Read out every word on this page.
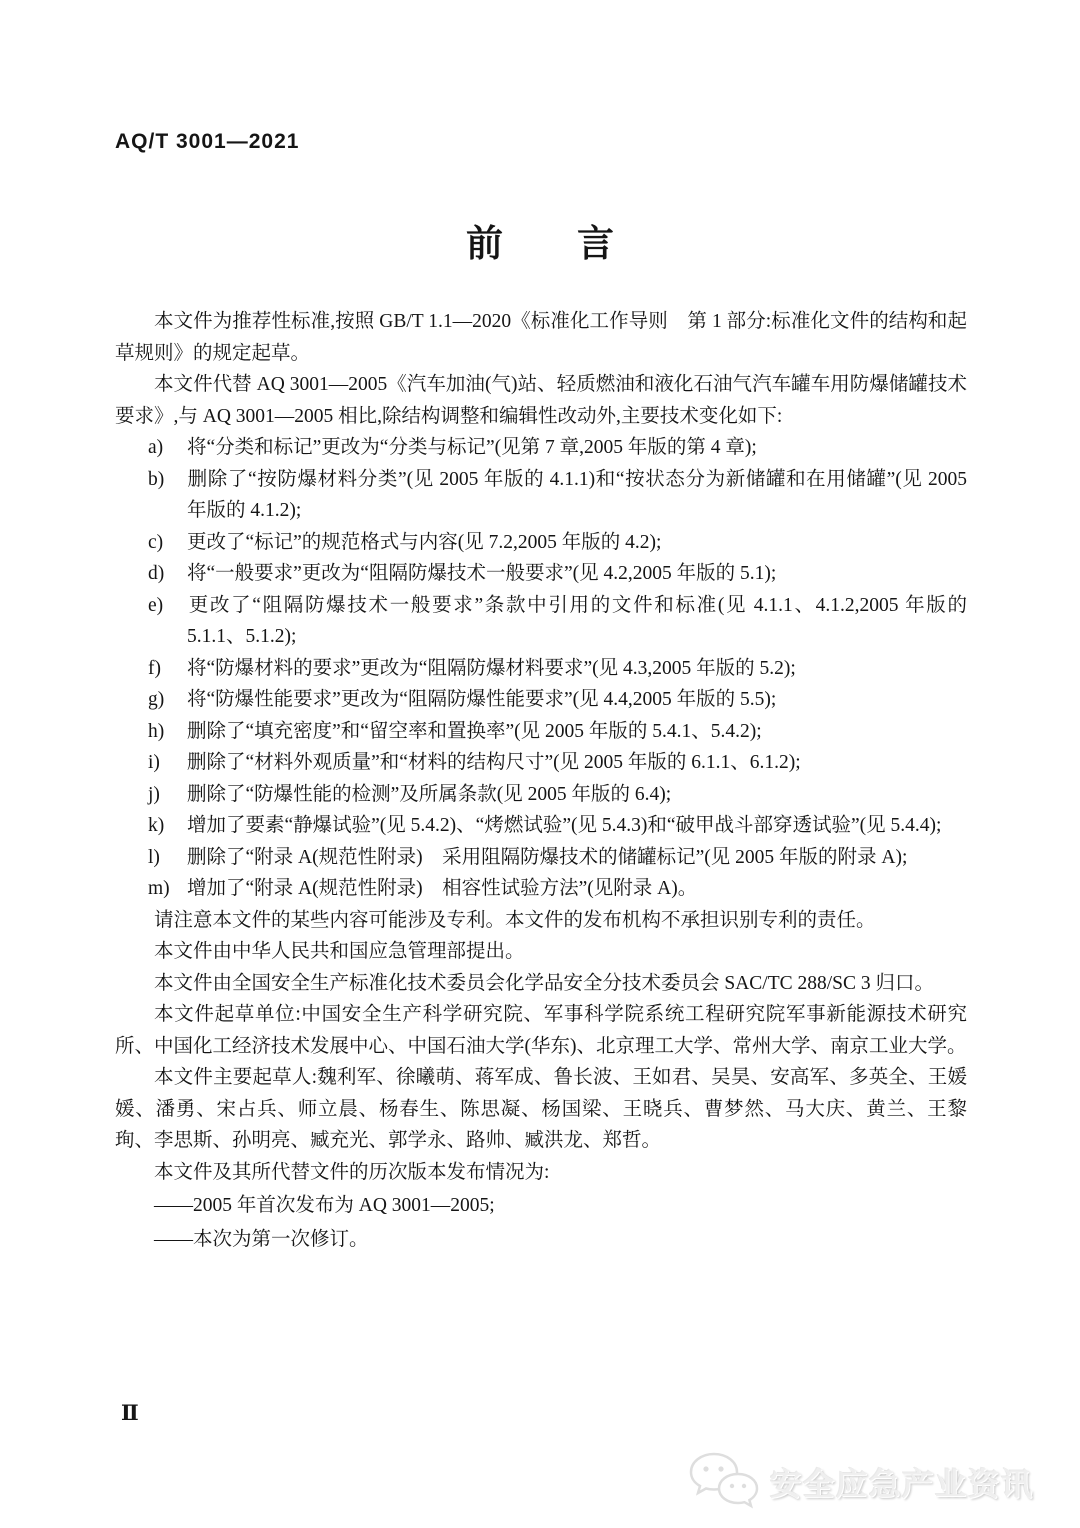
AQ/T 3001—2021
前　　言

本文件为推荐性标准,按照 GB/T 1.1—2020《标准化工作导则　第 1 部分:标准化文件的结构和起草规则》的规定起草。

本文件代替 AQ 3001—2005《汽车加油(气)站、轻质燃油和液化石油气汽车罐车用防爆储罐技术要求》,与 AQ 3001—2005 相比,除结构调整和编辑性改动外,主要技术变化如下:

a) 将“分类和标记”更改为“分类与标记”(见第 7 章,2005 年版的第 4 章);

b) 删除了“按防爆材料分类”(见 2005 年版的 4.1.1)和“按状态分为新储罐和在用储罐”(见 2005 年版的 4.1.2);

c) 更改了“标记”的规范格式与内容(见 7.2,2005 年版的 4.2);

d) 将“一般要求”更改为“阻隔防爆技术一般要求”(见 4.2,2005 年版的 5.1);

e) 更改了“阻隔防爆技术一般要求”条款中引用的文件和标准(见 4.1.1、4.1.2,2005 年版的 5.1.1、5.1.2);

f) 将“防爆材料的要求”更改为“阻隔防爆材料要求”(见 4.3,2005 年版的 5.2);

g) 将“防爆性能要求”更改为“阻隔防爆性能要求”(见 4.4,2005 年版的 5.5);

h) 删除了“填充密度”和“留空率和置换率”(见 2005 年版的 5.4.1、5.4.2);

i) 删除了“材料外观质量”和“材料的结构尺寸”(见 2005 年版的 6.1.1、6.1.2);

j) 删除了“防爆性能的检测”及所属条款(见 2005 年版的 6.4);

k) 增加了要素“静爆试验”(见 5.4.2)、“烤燃试验”(见 5.4.3)和“破甲战斗部穿透试验”(见 5.4.4);

l) 删除了“附录 A(规范性附录)　采用阻隔防爆技术的储罐标记”(见 2005 年版的附录 A);

m) 增加了“附录 A(规范性附录)　相容性试验方法”(见附录 A)。

请注意本文件的某些内容可能涉及专利。本文件的发布机构不承担识别专利的责任。

本文件由中华人民共和国应急管理部提出。

本文件由全国安全生产标准化技术委员会化学品安全分技术委员会 SAC/TC 288/SC 3 归口。

本文件起草单位:中国安全生产科学研究院、军事科学院系统工程研究院军事新能源技术研究所、中国化工经济技术发展中心、中国石油大学(华东)、北京理工大学、常州大学、南京工业大学。

本文件主要起草人:魏利军、徐曦萌、蒋军成、鲁长波、王如君、吴昊、安高军、多英全、王媛媛、潘勇、宋占兵、师立晨、杨春生、陈思凝、杨国梁、王晓兵、曹梦然、马大庆、黄兰、王黎珣、李思斯、孙明亮、臧充光、郭学永、路帅、臧洪龙、郑哲。

本文件及其所代替文件的历次版本发布情况为:

——2005 年首次发布为 AQ 3001—2005;

——本次为第一次修订。

Ⅱ
安全应急产业资讯
